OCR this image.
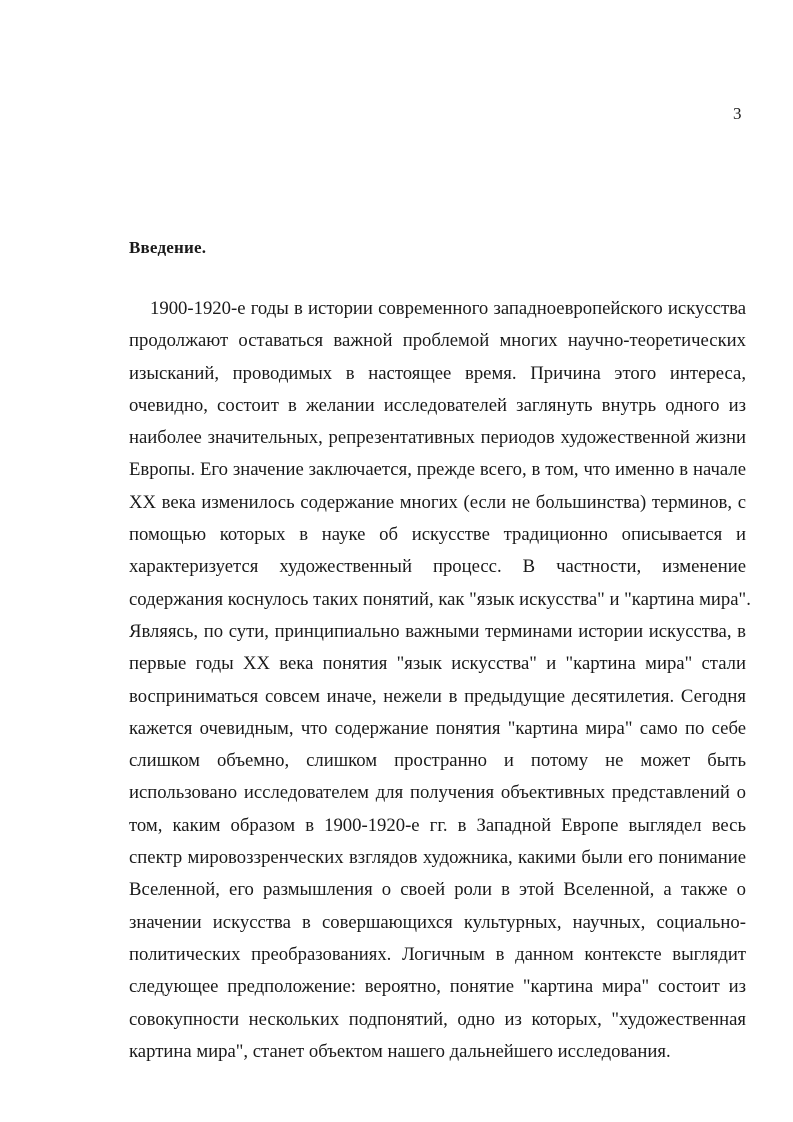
3
Введение.
1900-1920-е годы в истории современного западноевропейского искусства
продолжают оставаться важной проблемой многих научно-теоретических
изысканий, проводимых в настоящее время. Причина этого интереса,
очевидно, состоит в желании исследователей заглянуть внутрь одного из
наиболее значительных, репрезентативных периодов художественной жизни
Европы. Его значение заключается, прежде всего, в том, что именно в начале
XX века изменилось содержание многих (если не большинства) терминов, с
помощью которых в науке об искусстве традиционно описывается и
характеризуется художественный процесс. В частности, изменение
содержания коснулось таких понятий, как "язык искусства" и "картина мира".
Являясь, по сути, принципиально важными терминами истории искусства, в
первые годы XX века понятия "язык искусства" и "картина мира" стали
восприниматься совсем иначе, нежели в предыдущие десятилетия. Сегодня
кажется очевидным, что содержание понятия "картина мира" само по себе
слишком объемно, слишком пространно и потому не может быть
использовано исследователем для получения объективных представлений о
том, каким образом в 1900-1920-е гг. в Западной Европе выглядел весь
спектр мировоззренческих взглядов художника, какими были его понимание
Вселенной, его размышления о своей роли в этой Вселенной, а также о
значении искусства в совершающихся культурных, научных, социально-
политических преобразованиях. Логичным в данном контексте выглядит
следующее предположение: вероятно, понятие "картина мира" состоит из
совокупности нескольких подпонятий, одно из которых, "художественная
картина мира", станет объектом нашего дальнейшего исследования.
